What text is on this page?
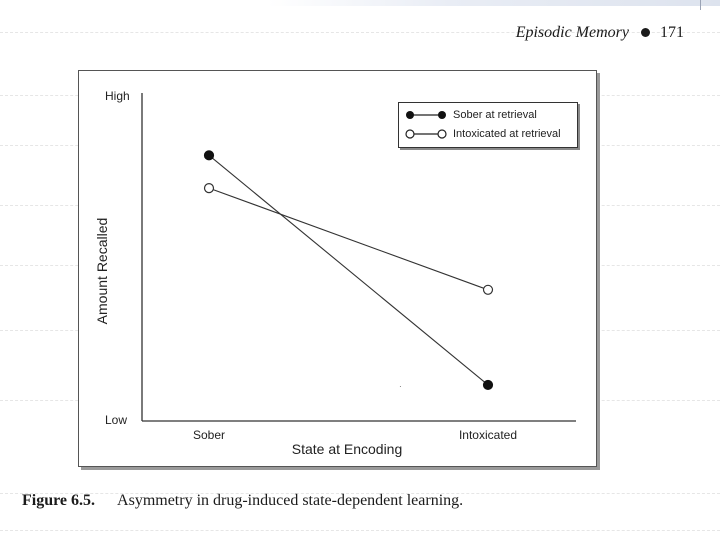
Episodic Memory 171
High
Low
Sober	Intoxicated
State at Encoding
Amount Recalled
·
Sober at retrieval
Intoxicated at retrieval
Figure 6.5. Asymmetry in drug-induced state-dependent learning.
